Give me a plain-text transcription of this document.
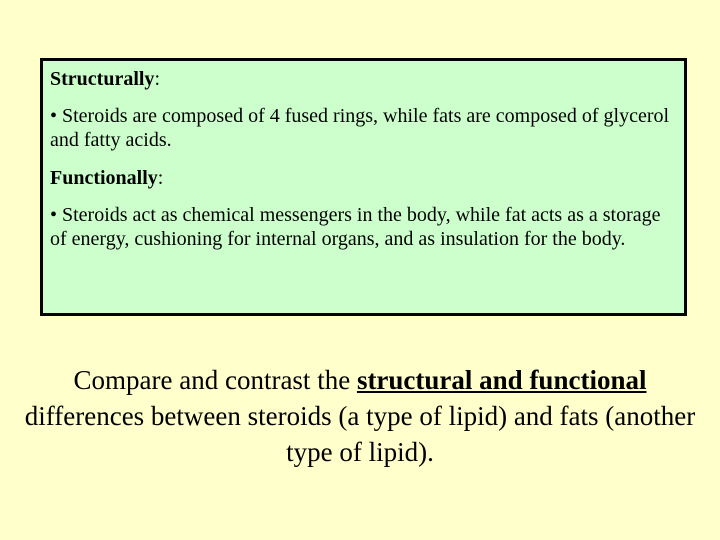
Structurally:

• Steroids are composed of 4 fused rings, while fats are composed of glycerol and fatty acids.

Functionally:

• Steroids act as chemical messengers in the body, while fat acts as a storage of energy, cushioning for internal organs, and as insulation for the body.

Compare and contrast the structural and functional differences between steroids (a type of lipid) and fats (another type of lipid).
